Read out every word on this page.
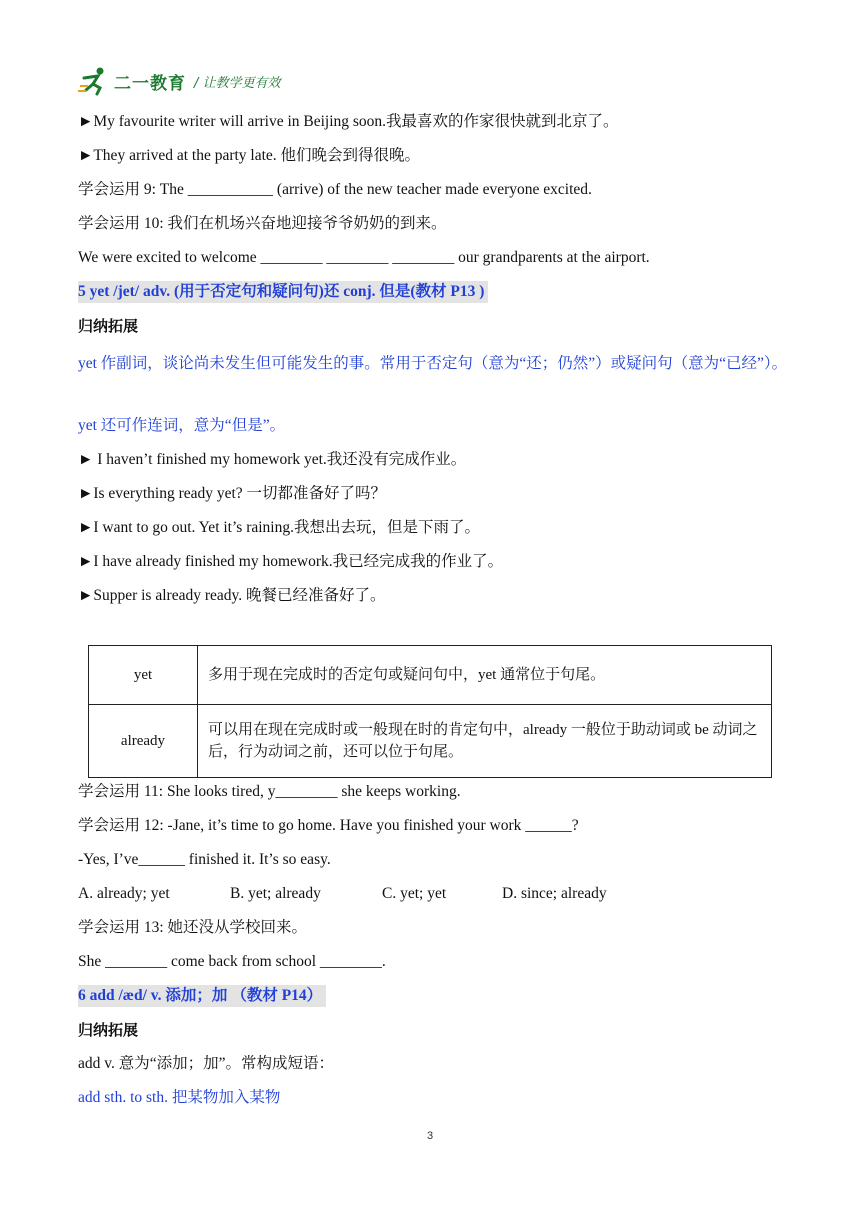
二一教育 / 让教学更有效
►My favourite writer will arrive in Beijing soon.我最喜欢的作家很快就到北京了。
►They arrived at the party late. 他们晚会到得很晚。
学会运用 9: The ___________ (arrive) of the new teacher made everyone excited.
学会运用 10: 我们在机场兴奋地迎接爷爷奶奶的到来。
We were excited to welcome ________ ________ ________ our grandparents at the airport.
5 yet /jet/ adv. (用于否定句和疑问句)还 conj. 但是(教材 P13 )
归纳拓展
yet 作副词，谈论尚未发生但可能发生的事。常用于否定句（意为“还；仍然”）或疑问句（意为“已经”）。
yet 还可作连词，意为“但是”。
► I haven’t finished my homework yet.我还没有完成作业。
►Is everything ready yet? 一切都准备好了吗？
►I want to go out. Yet it’s raining.我想出去玩，但是下雨了。
►I have already finished my homework.我已经完成我的作业了。
►Supper is already ready. 晚餐已经准备好了。
yet	多用于现在完成时的否定句或疑问句中，yet 通常位于句尾。
already	可以用在现在完成时或一般现在时的肯定句中，already 一般位于助动词或 be 动词之后，行为动词之前，还可以位于句尾。
学会运用 11: She looks tired, y________ she keeps working.
学会运用 12: -Jane, it’s time to go home. Have you finished your work ______?
-Yes, I’ve______ finished it. It’s so easy.
A. already; yet	B. yet; already	C. yet; yet	D. since; already
学会运用 13: 她还没从学校回来。
She ________ come back from school ________.
6 add /æd/ v. 添加；加 （教材 P14）
归纳拓展
add v. 意为“添加；加”。常构成短语：
add sth. to sth. 把某物加入某物
3
